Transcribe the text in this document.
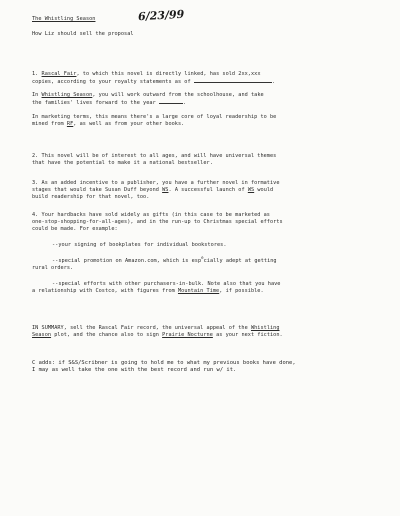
The Whistling Season	6/23/99
How Liz should sell the proposal
1. Rascal Fair, to which this novel is directly linked, has sold 2xx,xxx
copies, according to your royalty statements as of	.
In Whistling Season, you will work outward from the schoolhouse, and take
the families' lives forward to the year	.
In marketing terms, this means there's a large core of loyal readership to be
mined from RF, as well as from your other books.
2. This novel will be of interest to all ages, and will have universal themes
that have the potential to make it a national bestseller.
3. As an added incentive to a publisher, you have a further novel in formative
stages that would take Susan Duff beyond WS. A successful launch of WS would
build readership for that novel, too.
4. Your hardbacks have sold widely as gifts (in this case to be marketed as
one-stop-shopping-for-all-ages), and in the run-up to Christmas special efforts
could be made. For example:
--your signing of bookplates for individual bookstores.
--special promotion on Amazon.com, which is esp$^e$cially adept at getting
rural orders.
--special efforts with other purchasers-in-bulk. Note also that you have
a relationship with Costco, with figures from Mountain Time, if possible.
IN SUMMARY, sell the Rascal Fair record, the universal appeal of the Whistling
Season plot, and the chance also to sign Prairie Nocturne as your next fiction.
C adds: if S&S/Scribner is going to hold me to what my previous books have done,
I may as well take the one with the best record and run w/ it.
